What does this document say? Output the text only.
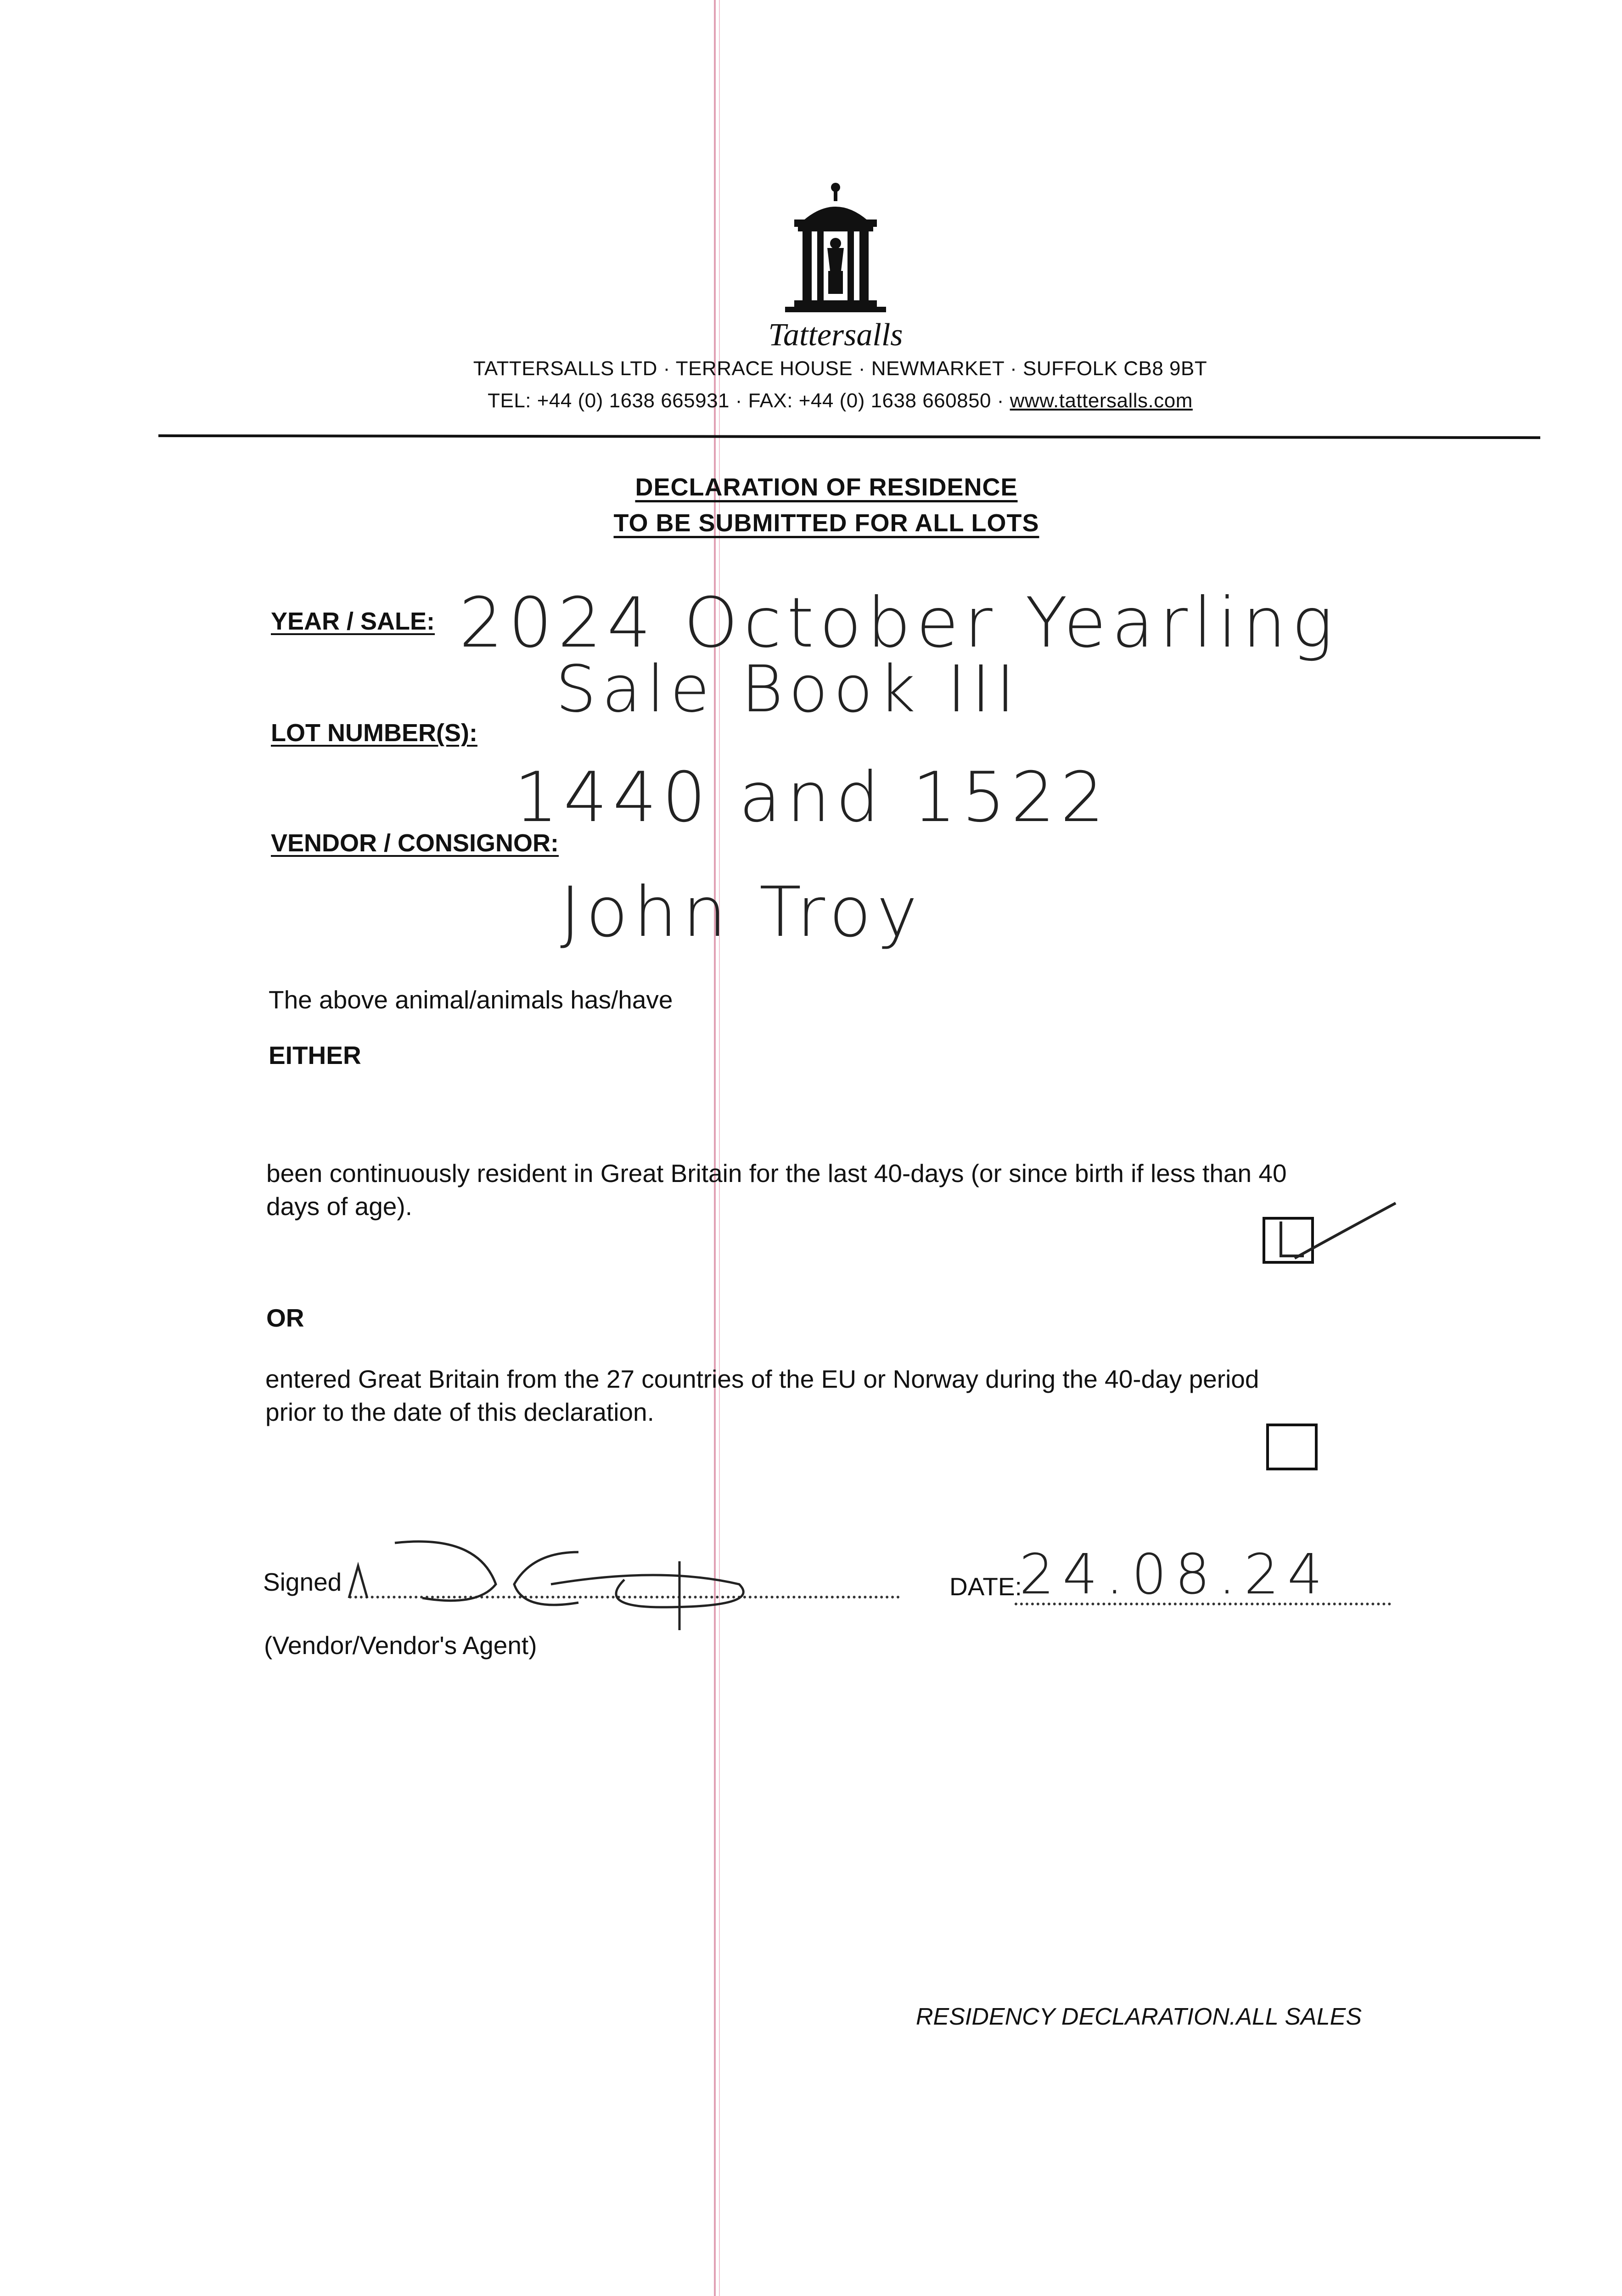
Tattersalls
TATTERSALLS LTD · TERRACE HOUSE · NEWMARKET · SUFFOLK CB8 9BT
TEL: +44 (0) 1638 665931 · FAX: +44 (0) 1638 660850 · www.tattersalls.com
DECLARATION OF RESIDENCE
TO BE SUBMITTED FOR ALL LOTS
YEAR / SALE: 2024 October Yearling
Sale Book III
LOT NUMBER(S):
1440 and 1522
VENDOR / CONSIGNOR:
John Troy
The above animal/animals has/have
EITHER
been continuously resident in Great Britain for the last 40-days (or since birth if less than 40
days of age).
OR
entered Great Britain from the 27 countries of the EU or Norway during the 40-day period
prior to the date of this declaration.
Signed	DATE:
24.08.24
(Vendor/Vendor's Agent)
RESIDENCY DECLARATION.ALL SALES
